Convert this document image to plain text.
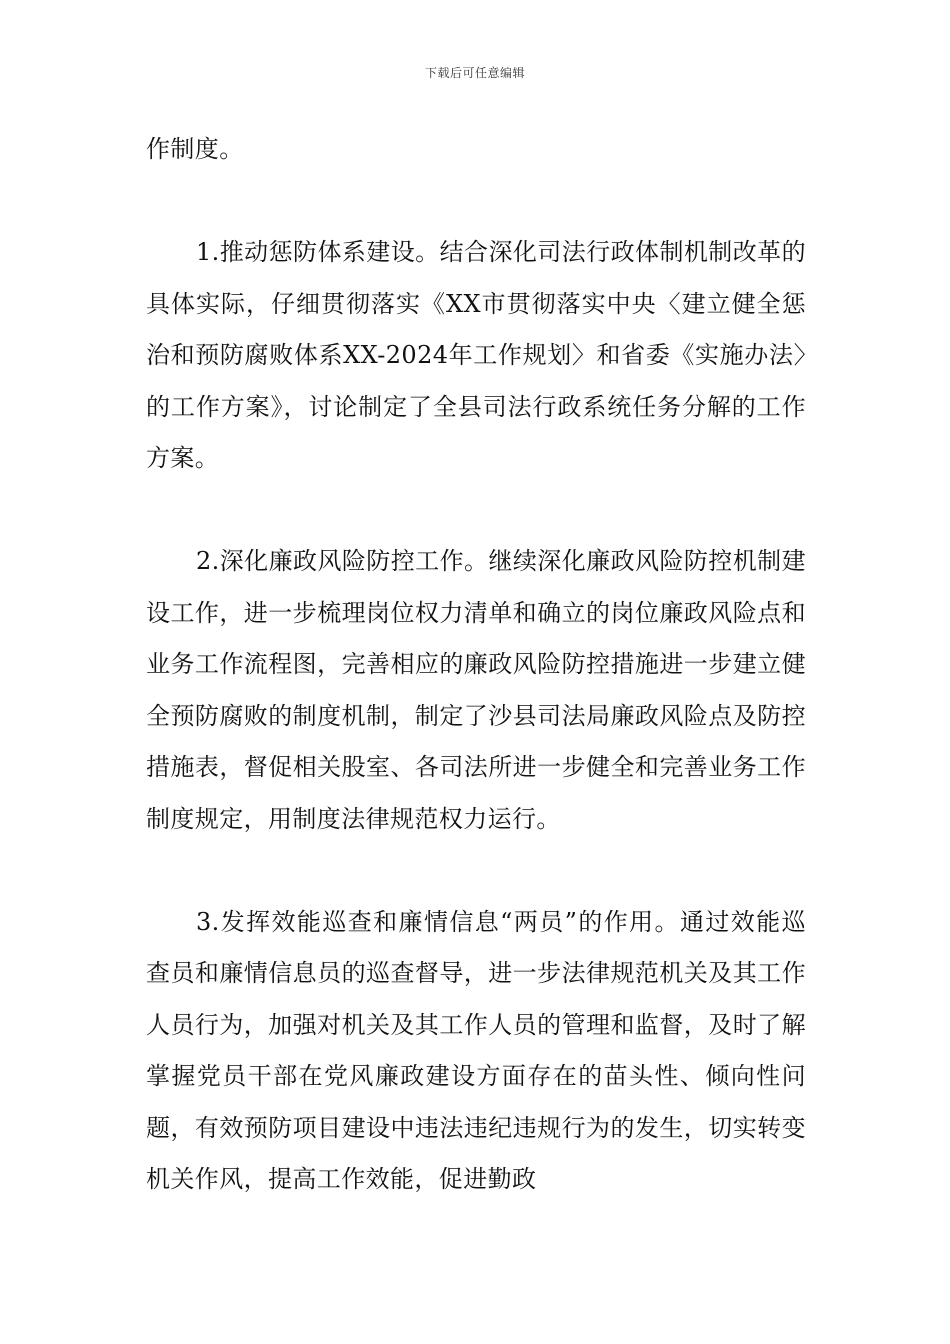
下载后可任意编辑

作制度。

1.推动惩防体系建设。结合深化司法行政体制机制改革的具体实际，仔细贯彻落实《XX市贯彻落实中央〈建立健全惩治和预防腐败体系XX-2024年工作规划〉和省委《实施办法〉的工作方案》，讨论制定了全县司法行政系统任务分解的工作方案。

2.深化廉政风险防控工作。继续深化廉政风险防控机制建设工作，进一步梳理岗位权力清单和确立的岗位廉政风险点和业务工作流程图，完善相应的廉政风险防控措施进一步建立健全预防腐败的制度机制，制定了沙县司法局廉政风险点及防控措施表，督促相关股室、各司法所进一步健全和完善业务工作制度规定，用制度法律规范权力运行。

3.发挥效能巡查和廉情信息“两员”的作用。通过效能巡查员和廉情信息员的巡查督导，进一步法律规范机关及其工作人员行为，加强对机关及其工作人员的管理和监督，及时了解掌握党员干部在党风廉政建设方面存在的苗头性、倾向性问题，有效预防项目建设中违法违纪违规行为的发生，切实转变机关作风，提高工作效能，促进勤政
